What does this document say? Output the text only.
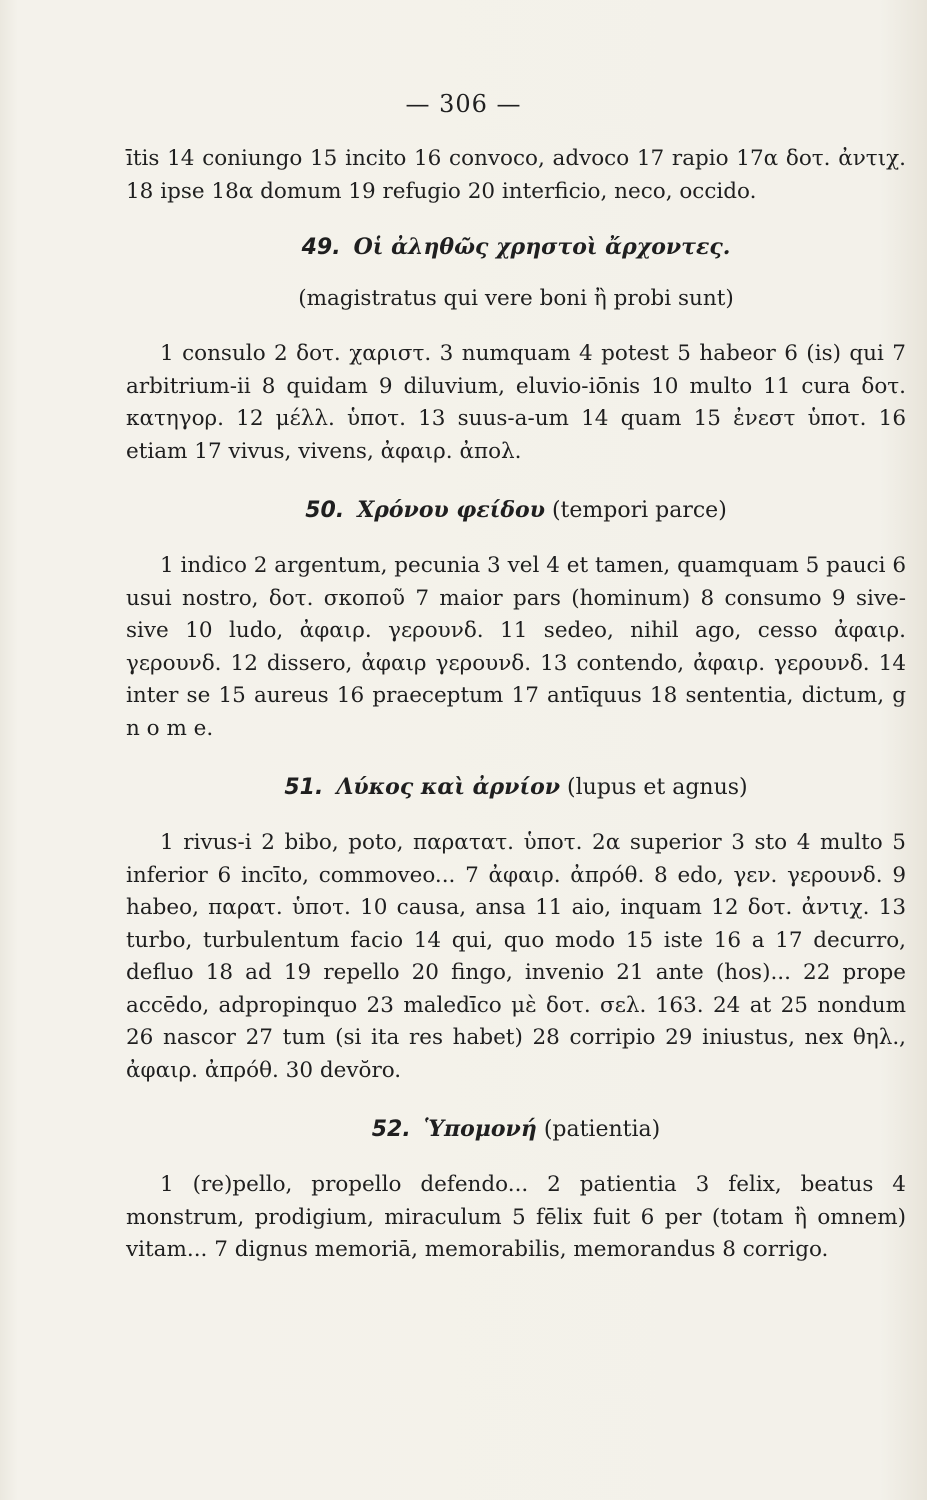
— 306 —

ītis 14 coniungo 15 incito 16 convoco, advoco 17 rapio 17α δοτ. ἀντιχ. 18 ipse 18α domum 19 refugio 20 interficio, neco, occido.

49. Οἱ ἀληθῶς χρηστοὶ ἄρχοντες.

(magistratus qui vere boni ἢ probi sunt)

1 consulo 2 δοτ. χαριστ. 3 numquam 4 potest 5 habeor 6 (is) qui 7 arbitrium-ii 8 quidam 9 diluvium, eluvio-iōnis 10 multo 11 cura δοτ. κατηγορ. 12 μέλλ. ὑποτ. 13 suus-a-um 14 quam 15 ἐνεστ ὑποτ. 16 etiam 17 vivus, vivens, ἀφαιρ. ἀπολ.

50. Χρόνου φείδου (tempori parce)

1 indico 2 argentum, pecunia 3 vel 4 et tamen, quamquam 5 pauci 6 usui nostro, δοτ. σκοποῦ 7 maior pars (hominum) 8 consumo 9 sive-sive 10 ludo, ἀφαιρ. γερουνδ. 11 sedeo, nihil ago, cesso ἀφαιρ. γερουνδ. 12 dissero, ἀφαιρ γερουνδ. 13 contendo, ἀφαιρ. γερουνδ. 14 inter se 15 aureus 16 praeceptum 17 antīquus 18 sententia, dictum, g n o m e.

51. Λύκος καὶ ἀρνίον (lupus et agnus)

1 rivus-i 2 bibo, poto, παρατατ. ὑποτ. 2α superior 3 sto 4 multo 5 inferior 6 incīto, commoveo... 7 ἀφαιρ. ἀπρόθ. 8 edo, γεν. γερουνδ. 9 habeo, παρατ. ὑποτ. 10 causa, ansa 11 aio, inquam 12 δοτ. ἀντιχ. 13 turbo, turbulentum facio 14 qui, quo modo 15 iste 16 a 17 decurro, defluo 18 ad 19 repello 20 fingo, invenio 21 ante (hos)... 22 prope accēdo, adpropinquo 23 maledīco μὲ δοτ. σελ. 163. 24 at 25 nondum 26 nascor 27 tum (si ita res habet) 28 corripio 29 iniustus, nex θηλ., ἀφαιρ. ἀπρόθ. 30 devŏro.

52. Ὑπομονή (patientia)

1 (re)pello, propello defendo... 2 patientia 3 felix, beatus 4 monstrum, prodigium, miraculum 5 fēlix fuit 6 per (totam ἢ omnem) vitam... 7 dignus memoriā, memorabilis, memorandus 8 corrigo.
